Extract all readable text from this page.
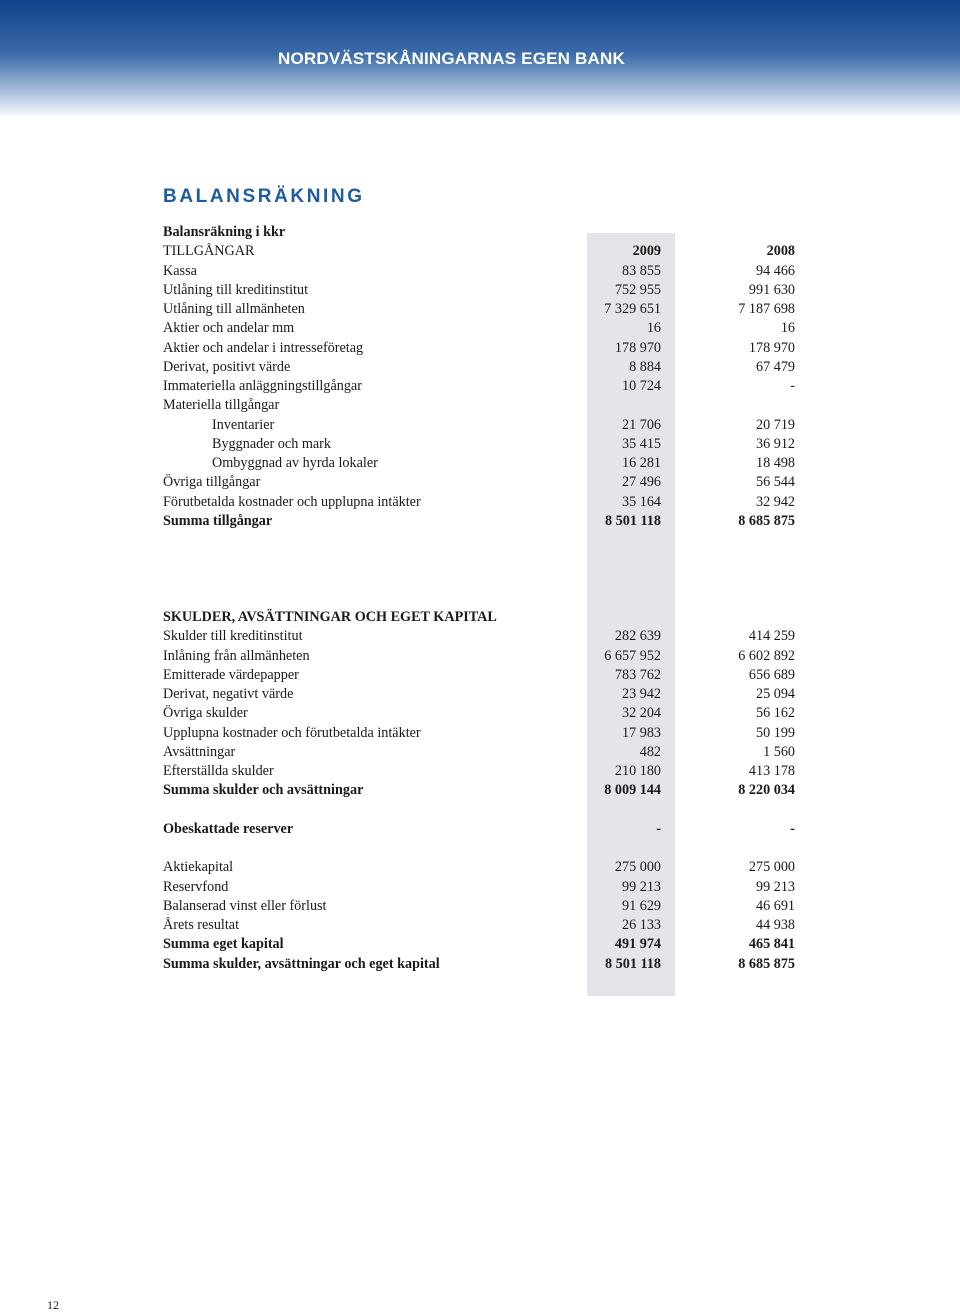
NORDVÄSTSKÅNINGARNAS EGEN BANK
BALANSRÄKNING
Balansräkning i kkr
TILLGÅNGAR	2009	2008
Kassa	83 855	94 466
Utlåning till kreditinstitut	752 955	991 630
Utlåning till allmänheten	7 329 651	7 187 698
Aktier och andelar mm	16	16
Aktier och andelar i intresseföretag	178 970	178 970
Derivat, positivt värde	8 884	67 479
Immateriella anläggningstillgångar	10 724	-
Materiella tillgångar
Inventarier	21 706	20 719
Byggnader och mark	35 415	36 912
Ombyggnad av hyrda lokaler	16 281	18 498
Övriga tillgångar	27 496	56 544
Förutbetalda kostnader och upplupna intäkter	35 164	32 942
Summa tillgångar	8 501 118	8 685 875
SKULDER, AVSÄTTNINGAR OCH EGET KAPITAL
Skulder till kreditinstitut	282 639	414 259
Inlåning från allmänheten	6 657 952	6 602 892
Emitterade värdepapper	783 762	656 689
Derivat, negativt värde	23 942	25 094
Övriga skulder	32 204	56 162
Upplupna kostnader och förutbetalda intäkter	17 983	50 199
Avsättningar	482	1 560
Efterställda skulder	210 180	413 178
Summa skulder och avsättningar	8 009 144	8 220 034
Obeskattade reserver	-	-
Aktiekapital	275 000	275 000
Reservfond	99 213	99 213
Balanserad vinst eller förlust	91 629	46 691
Årets resultat	26 133	44 938
Summa eget kapital	491 974	465 841
Summa skulder, avsättningar och eget kapital	8 501 118	8 685 875
12
